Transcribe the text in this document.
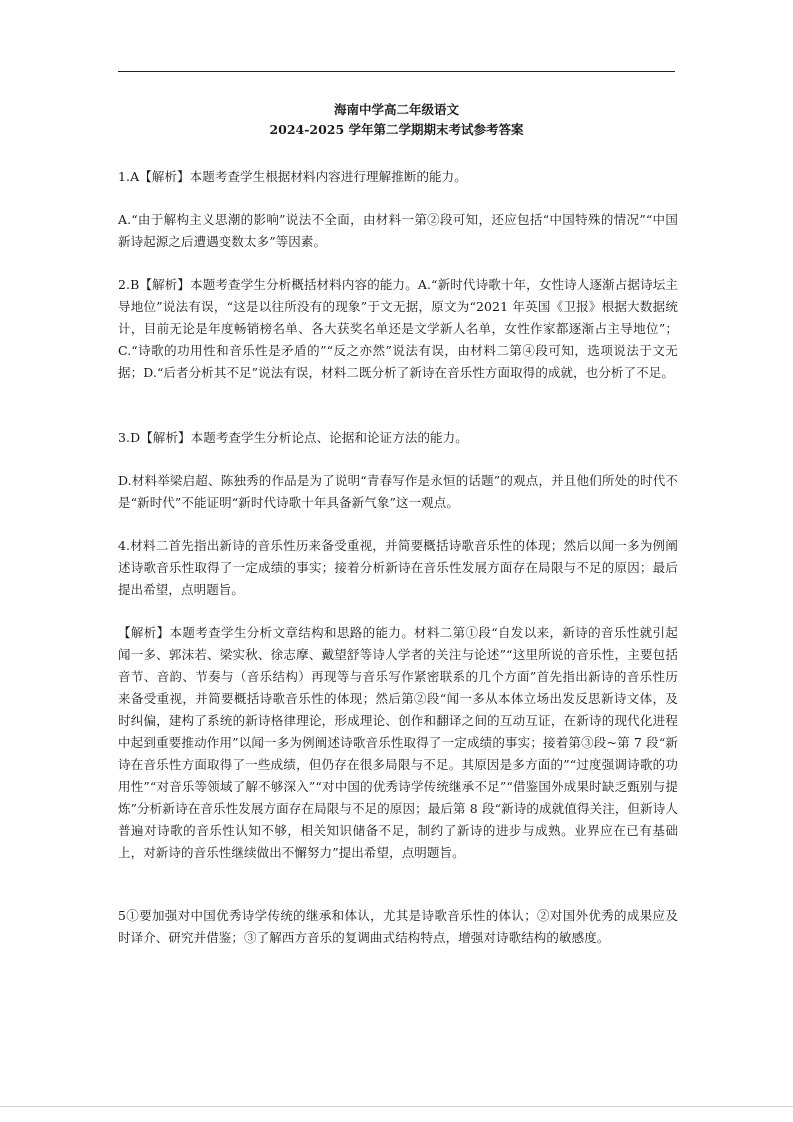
海南中学高二年级语文
2024-2025 学年第二学期期末考试参考答案

1.A【解析】本题考查学生根据材料内容进行理解推断的能力。

A.“由于解构主义思潮的影响”说法不全面，由材料一第②段可知，还应包括“中国特殊的情况”“中国新诗起源之后遭遇变数太多”等因素。

2.B【解析】本题考查学生分析概括材料内容的能力。A.“新时代诗歌十年，女性诗人逐渐占据诗坛主导地位”说法有误，“这是以往所没有的现象”于文无据，原文为“2021 年英国《卫报》根据大数据统计，目前无论是年度畅销榜名单、各大获奖名单还是文学新人名单，女性作家都逐渐占主导地位”；C.“诗歌的功用性和音乐性是矛盾的”“反之亦然”说法有误，由材料二第④段可知，选项说法于文无据；D.“后者分析其不足”说法有误，材料二既分析了新诗在音乐性方面取得的成就，也分析了不足。

3.D【解析】本题考查学生分析论点、论据和论证方法的能力。

D.材料举梁启超、陈独秀的作品是为了说明“青春写作是永恒的话题”的观点，并且他们所处的时代不是“新时代”不能证明“新时代诗歌十年具备新气象”这一观点。

4.材料二首先指出新诗的音乐性历来备受重视，并简要概括诗歌音乐性的体现；然后以闻一多为例阐述诗歌音乐性取得了一定成绩的事实；接着分析新诗在音乐性发展方面存在局限与不足的原因；最后提出希望，点明题旨。

【解析】本题考查学生分析文章结构和思路的能力。材料二第①段“自发以来，新诗的音乐性就引起闻一多、郭沫若、梁实秋、徐志摩、戴望舒等诗人学者的关注与论述”“这里所说的音乐性，主要包括音节、音韵、节奏与（音乐结构）再现等与音乐写作紧密联系的几个方面”首先指出新诗的音乐性历来备受重视，并简要概括诗歌音乐性的体现；然后第②段“闻一多从本体立场出发反思新诗文体，及时纠偏，建构了系统的新诗格律理论，形成理论、创作和翻译之间的互动互证，在新诗的现代化进程中起到重要推动作用”以闻一多为例阐述诗歌音乐性取得了一定成绩的事实；接着第③段~第 7 段“新诗在音乐性方面取得了一些成绩，但仍存在很多局限与不足。其原因是多方面的”“过度强调诗歌的功用性”“对音乐等领域了解不够深入”“对中国的优秀诗学传统继承不足”“借鉴国外成果时缺乏甄别与提炼”分析新诗在音乐性发展方面存在局限与不足的原因；最后第 8 段“新诗的成就值得关注，但新诗人普遍对诗歌的音乐性认知不够，相关知识储备不足，制约了新诗的进步与成熟。业界应在已有基础上，对新诗的音乐性继续做出不懈努力”提出希望，点明题旨。

5①要加强对中国优秀诗学传统的继承和体认，尤其是诗歌音乐性的体认；②对国外优秀的成果应及时译介、研究并借鉴；③了解西方音乐的复调曲式结构特点，增强对诗歌结构的敏感度。
